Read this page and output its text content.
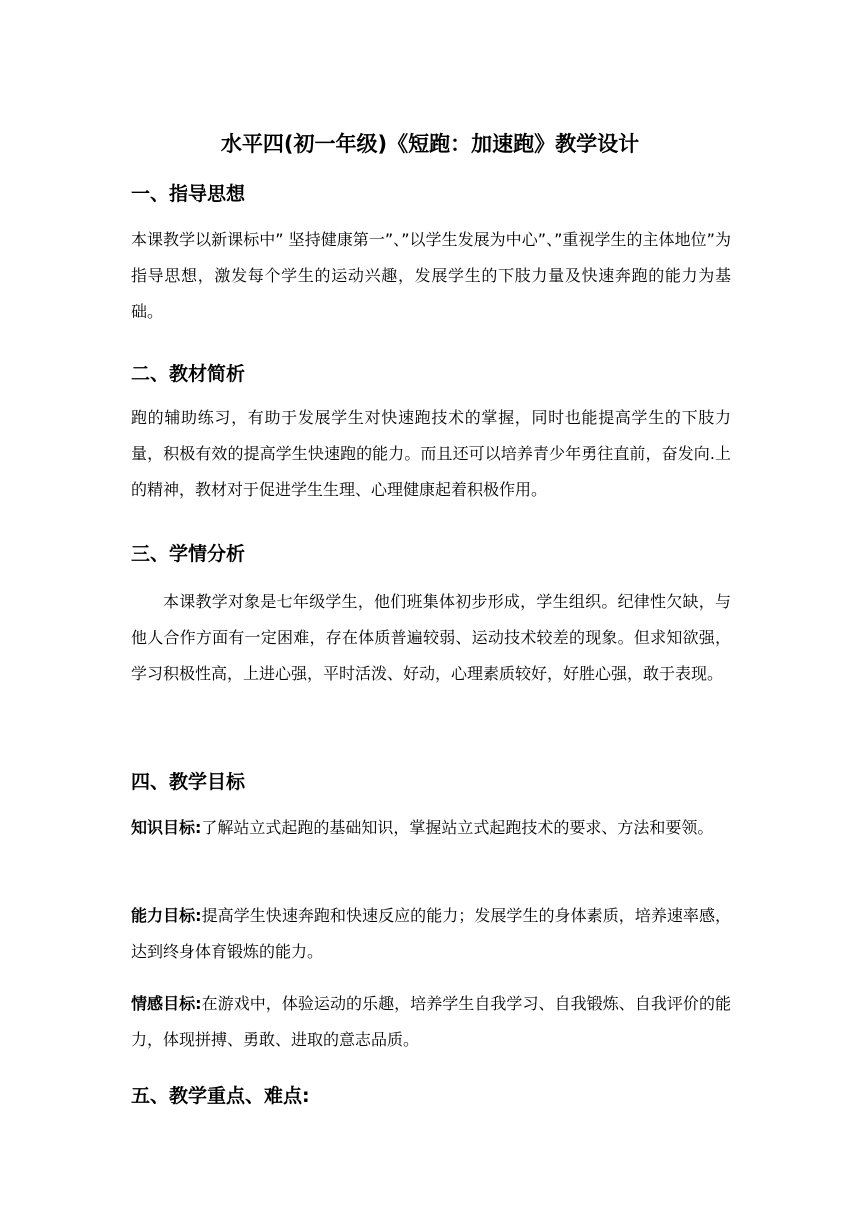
水平四(初一年级)《短跑：加速跑》教学设计
一、指导思想

本课教学以新课标中” 坚持健康第一”、”以学生发展为中心”、”重视学生的主体地位”为指导思想，激发每个学生的运动兴趣，发展学生的下肢力量及快速奔跑的能力为基础。

二、教材简析

跑的辅助练习，有助于发展学生对快速跑技术的掌握，同时也能提高学生的下肢力量，积极有效的提高学生快速跑的能力。而且还可以培养青少年勇往直前，奋发向.上的精神，教材对于促进学生生理、心理健康起着积极作用。

三、学情分析

本课教学对象是七年级学生，他们班集体初步形成，学生组织。纪律性欠缺，与他人合作方面有一定困难，存在体质普遍较弱、运动技术较差的现象。但求知欲强，学习积极性高，上进心强，平时活泼、好动，心理素质较好，好胜心强，敢于表现。

四、教学目标

知识目标:了解站立式起跑的基础知识，掌握站立式起跑技术的要求、方法和要领。

能力目标:提高学生快速奔跑和快速反应的能力；发展学生的身体素质，培养速率感，达到终身体育锻炼的能力。

情感目标:在游戏中，体验运动的乐趣，培养学生自我学习、自我锻炼、自我评价的能力，体现拼搏、勇敢、进取的意志品质。

五、教学重点、难点:
